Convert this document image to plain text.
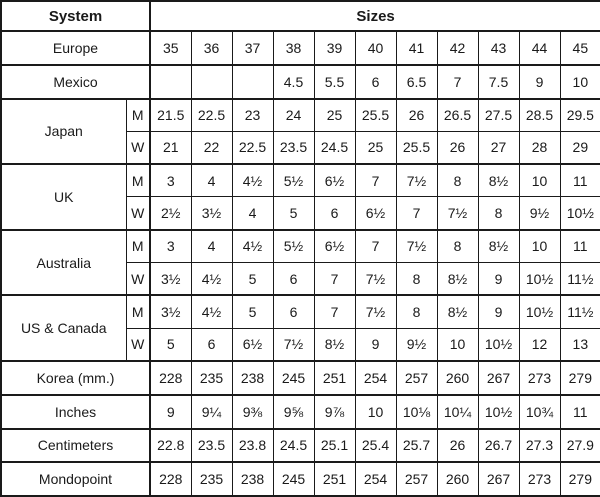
System		Sizes										
Europe		35	36	37	38	39	40	41	42	43	44	45
Mexico					4.5	5.5	6	6.5	7	7.5	9	10
Japan	M	21.5	22.5	23	24	25	25.5	26	26.5	27.5	28.5	29.5
	W	21	22	22.5	23.5	24.5	25	25.5	26	27	28	29
UK	M	3	4	4½	5½	6½	7	7½	8	8½	10	11
	W	2½	3½	4	5	6	6½	7	7½	8	9½	10½
Australia	M	3	4	4½	5½	6½	7	7½	8	8½	10	11
	W	3½	4½	5	6	7	7½	8	8½	9	10½	11½
US & Canada	M	3½	4½	5	6	7	7½	8	8½	9	10½	11½
	W	5	6	6½	7½	8½	9	9½	10	10½	12	13
Korea (mm.)		228	235	238	245	251	254	257	260	267	273	279
Inches		9	9¼	9⅜	9⅝	9⅞	10	10⅛	10¼	10½	10¾	11
Centimeters		22.8	23.5	23.8	24.5	25.1	25.4	25.7	26	26.7	27.3	27.9
Mondopoint		228	235	238	245	251	254	257	260	267	273	279
